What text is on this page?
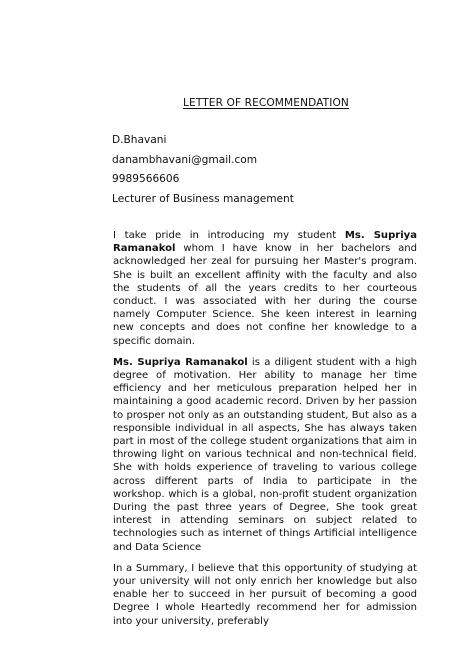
LETTER OF RECOMMENDATION
D.Bhavani
danambhavani@gmail.com
9989566606
Lecturer of Business management

I take pride in introducing my student Ms. Supriya Ramanakol whom I have know in her bachelors and acknowledged her zeal for pursuing her Master's program. She is built an excellent affinity with the faculty and also the students of all the years credits to her courteous conduct. I was associated with her during the course namely Computer Science. She keen interest in learning new concepts and does not confine her knowledge to a specific domain.

Ms. Supriya Ramanakol is a diligent student with a high degree of motivation. Her ability to manage her time efficiency and her meticulous preparation helped her in maintaining a good academic record. Driven by her passion to prosper not only as an outstanding student, But also as a responsible individual in all aspects, She has always taken part in most of the college student organizations that aim in throwing light on various technical and non-technical field. She with holds experience of traveling to various college across different parts of India to participate in the workshop. which is a global, non-profit student organization During the past three years of Degree, She took great interest in attending seminars on subject related to technologies such as internet of things Artificial intelligence and Data Science

In a Summary, I believe that this opportunity of studying at your university will not only enrich her knowledge but also enable her to succeed in her pursuit of becoming a good Degree I whole Heartedly recommend her for admission into your university, preferably
